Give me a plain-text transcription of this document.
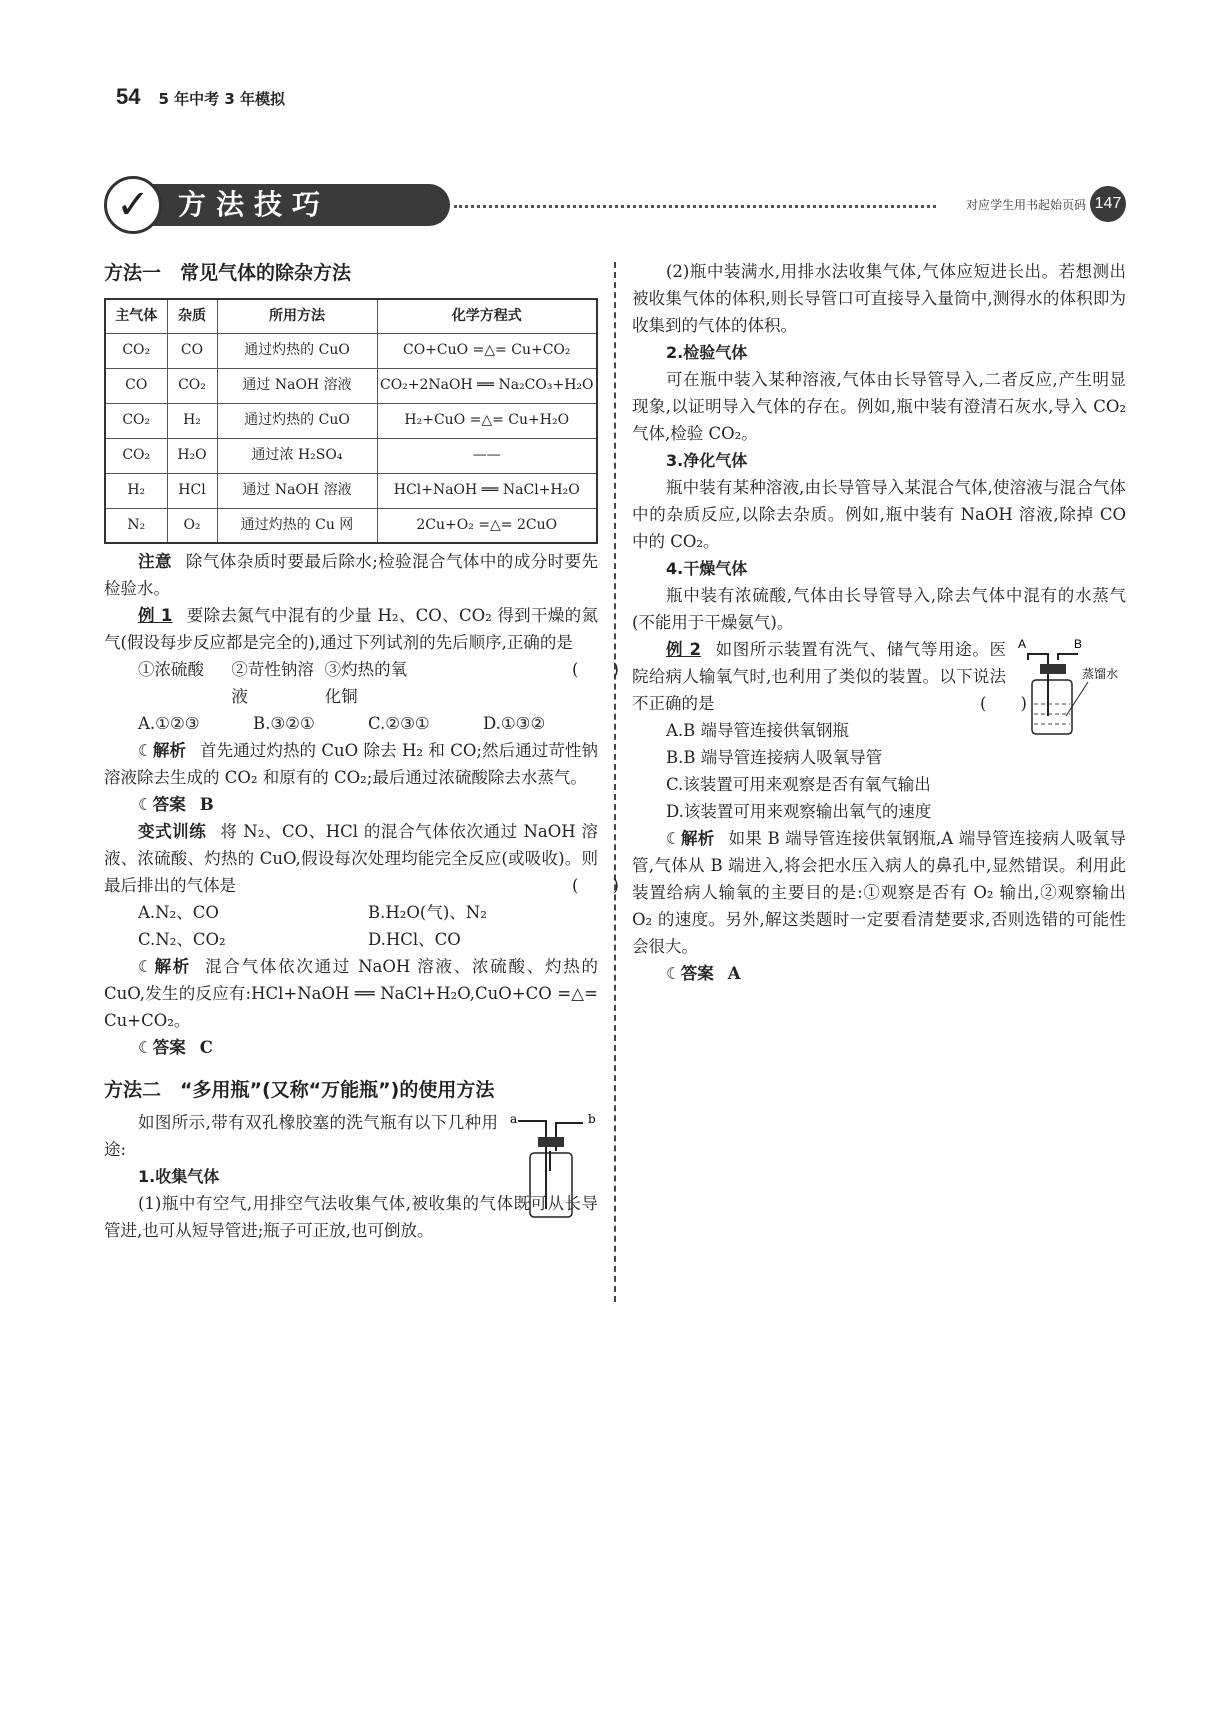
54 5 年中考 3 年模拟
✓	方法技巧	对应学生用书起始页码 147
方法一　常见气体的除杂方法
主气体	杂质	所用方法	化学方程式
CO₂	CO	通过灼热的 CuO	CO+CuO =△= Cu+CO₂
CO	CO₂	通过 NaOH 溶液	CO₂+2NaOH ══ Na₂CO₃+H₂O
CO₂	H₂	通过灼热的 CuO	H₂+CuO =△= Cu+H₂O
CO₂	H₂O	通过浓 H₂SO₄	——
H₂	HCl	通过 NaOH 溶液	HCl+NaOH ══ NaCl+H₂O
N₂	O₂	通过灼热的 Cu 网	2Cu+O₂ =△= 2CuO

注意 除气体杂质时要最后除水;检验混合气体中的成分时要先检验水。

例 1 要除去氮气中混有的少量 H₂、CO、CO₂ 得到干燥的氮气(假设每步反应都是完全的),通过下列试剂的先后顺序,正确的是
(	)

①浓硫酸	②苛性钠溶液
③灼热的氧化铜
A.①②③	B.③②①	C.②③①	D.①③②

☾解析 首先通过灼热的 CuO 除去 H₂ 和 CO;然后通过苛性钠溶液除去生成的 CO₂ 和原有的 CO₂;最后通过浓硫酸除去水蒸气。

☾答案 B

变式训练 将 N₂、CO、HCl 的混合气体依次通过 NaOH 溶液、浓硫酸、灼热的 CuO,假设每次处理均能完全反应(或吸收)。则最后排出的气体是	(	)

A.N₂、CO	B.H₂O(气)、N₂
C.N₂、CO₂	D.HCl、CO

☾解析 混合气体依次通过 NaOH 溶液、浓硫酸、灼热的 CuO,发生的反应有:HCl+NaOH ══ NaCl+H₂O,CuO+CO =△= Cu+CO₂。

☾答案 C

方法二　“多用瓶”(又称“万能瓶”)的使用方法
a	b

如图所示,带有双孔橡胶塞的洗气瓶有以下几种用途:

1.收集气体

(1)瓶中有空气,用排空气法收集气体,被收集的气体既可从长导管进,也可从短导管进;瓶子可正放,也可倒放。

(2)瓶中装满水,用排水法收集气体,气体应短进长出。若想测出被收集气体的体积,则长导管口可直接导入量筒中,测得水的体积即为收集到的气体的体积。

2.检验气体

可在瓶中装入某种溶液,气体由长导管导入,二者反应,产生明显现象,以证明导入气体的存在。例如,瓶中装有澄清石灰水,导入 CO₂ 气体,检验 CO₂。

3.净化气体

瓶中装有某种溶液,由长导管导入某混合气体,使溶液与混合气体中的杂质反应,以除去杂质。例如,瓶中装有 NaOH 溶液,除掉 CO 中的 CO₂。

4.干燥气体

瓶中装有浓硫酸,气体由长导管导入,除去气体中混有的水蒸气(不能用于干燥氨气)。

A	B
蒸馏水

例 2 如图所示装置有洗气、储气等用途。医院给病人输氧气时,也利用了类似的装置。以下说法不正确的是	(	)

A.B 端导管连接供氧钢瓶

B.B 端导管连接病人吸氧导管

C.该装置可用来观察是否有氧气输出

D.该装置可用来观察输出氧气的速度

☾解析 如果 B 端导管连接供氧钢瓶,A 端导管连接病人吸氧导管,气体从 B 端进入,将会把水压入病人的鼻孔中,显然错误。利用此装置给病人输氧的主要目的是:①观察是否有 O₂ 输出,②观察输出 O₂ 的速度。另外,解这类题时一定要看清楚要求,否则选错的可能性会很大。

☾答案 A
